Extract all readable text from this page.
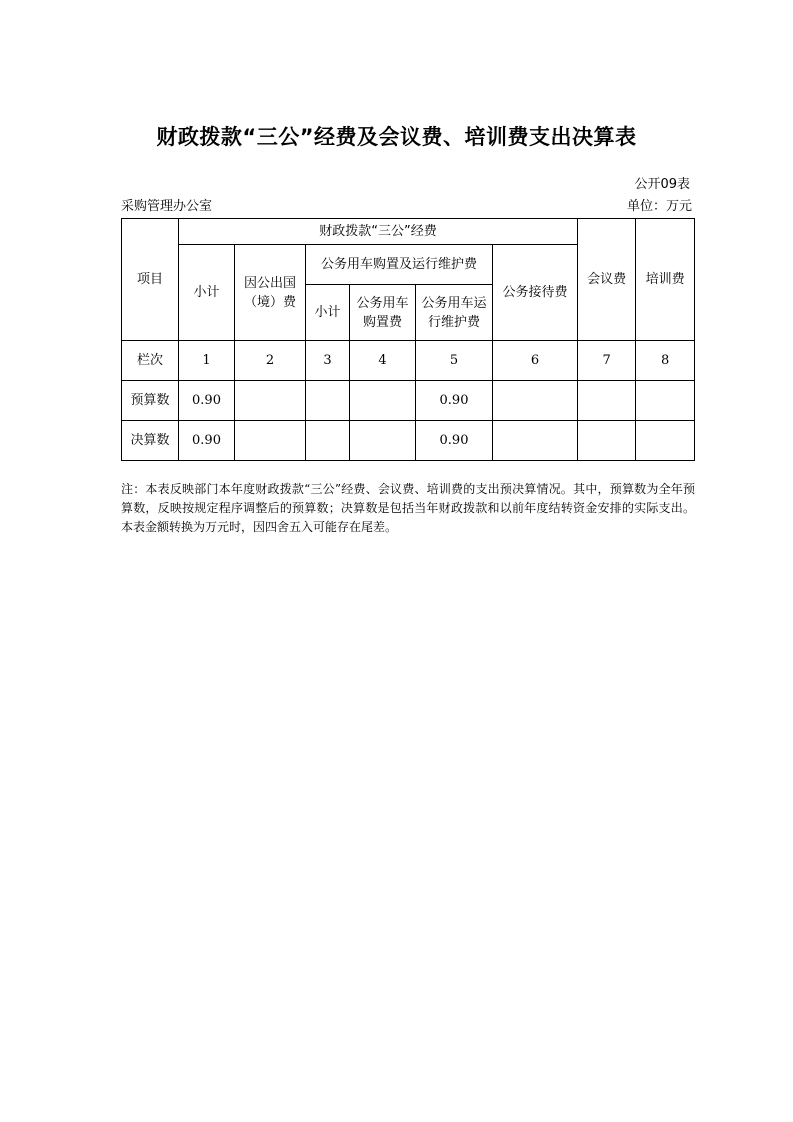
财政拨款“三公”经费及会议费、培训费支出决算表
公开09表
采购管理办公室	单位：万元
项目	财政拨款“三公”经费						会议费	培训费
	小计	因公出国（境）费	公务用车购置及运行维护费			公务接待费		
			小计	公务用车购置费	公务用车运行维护费			
栏次	1	2	3	4	5	6	7	8
预算数	0.90				0.90			
决算数	0.90				0.90			
注：本表反映部门本年度财政拨款“三公”经费、会议费、培训费的支出预决算情况。其中，预算数为全年预算数，反映按规定程序调整后的预算数；决算数是包括当年财政拨款和以前年度结转资金安排的实际支出。本表金额转换为万元时，因四舍五入可能存在尾差。
